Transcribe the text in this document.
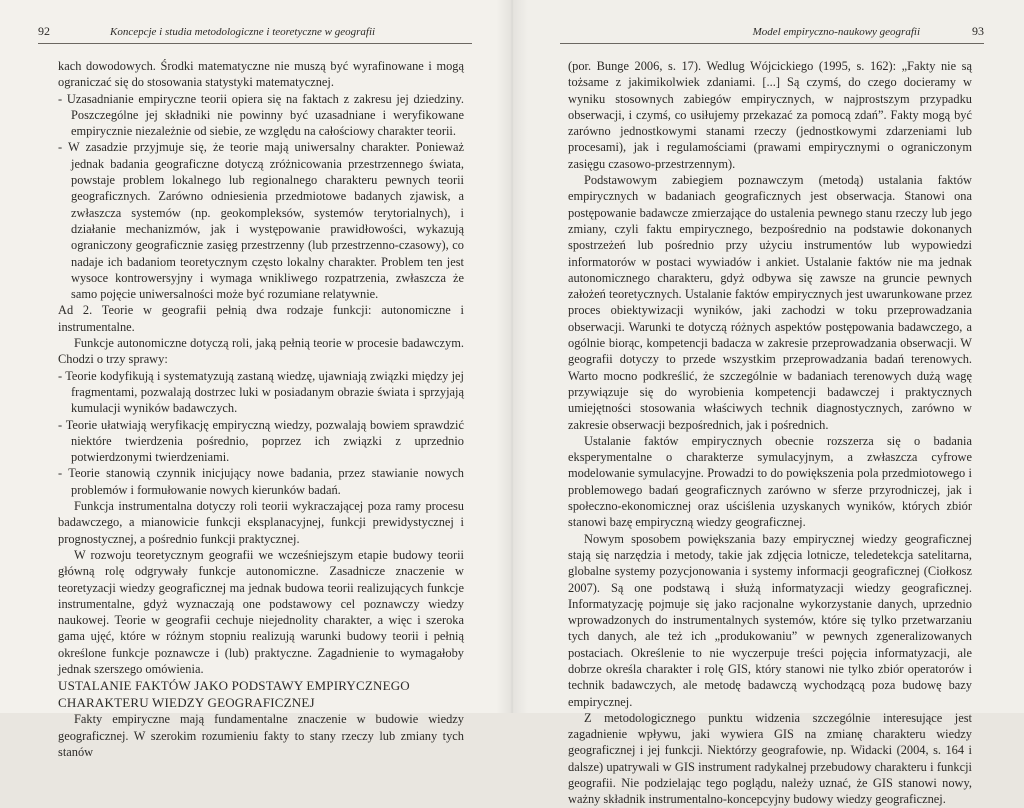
92	Koncepcje i studia metodologiczne i teoretyczne w geografii

kach dowodowych. Środki matematyczne nie muszą być wyrafinowane i mogą ograniczać się do stosowania statystyki matematycznej.

- Uzasadnianie empiryczne teorii opiera się na faktach z zakresu jej dziedziny. Poszczególne jej składniki nie powinny być uzasadniane i weryfikowane empirycznie niezależnie od siebie, ze względu na całościowy charakter teorii.

- W zasadzie przyjmuje się, że teorie mają uniwersalny charakter. Ponieważ jednak badania geograficzne dotyczą zróżnicowania przestrzennego świata, powstaje problem lokalnego lub regionalnego charakteru pewnych teorii geograficznych. Zarówno odniesienia przedmiotowe badanych zjawisk, a zwłaszcza systemów (np. geokompleksów, systemów terytorialnych), i działanie mechanizmów, jak i występowanie prawidłowości, wykazują ograniczony geograficznie zasięg przestrzenny (lub przestrzenno-czasowy), co nadaje ich badaniom teoretycznym często lokalny charakter. Problem ten jest wysoce kontrowersyjny i wymaga wnikliwego rozpatrzenia, zwłaszcza że samo pojęcie uniwersalności może być rozumiane relatywnie.

Ad 2. Teorie w geografii pełnią dwa rodzaje funkcji: autonomiczne i instrumentalne.

Funkcje autonomiczne dotyczą roli, jaką pełnią teorie w procesie badawczym. Chodzi o trzy sprawy:

- Teorie kodyfikują i systematyzują zastaną wiedzę, ujawniają związki między jej fragmentami, pozwalają dostrzec luki w posiadanym obrazie świata i sprzyjają kumulacji wyników badawczych.

- Teorie ułatwiają weryfikację empiryczną wiedzy, pozwalają bowiem sprawdzić niektóre twierdzenia pośrednio, poprzez ich związki z uprzednio potwierdzonymi twierdzeniami.

- Teorie stanowią czynnik inicjujący nowe badania, przez stawianie nowych problemów i formułowanie nowych kierunków badań.

Funkcja instrumentalna dotyczy roli teorii wykraczającej poza ramy procesu badawczego, a mianowicie funkcji eksplanacyjnej, funkcji prewidystycznej i prognostycznej, a pośrednio funkcji praktycznej.

W rozwoju teoretycznym geografii we wcześniejszym etapie budowy teorii główną rolę odgrywały funkcje autonomiczne. Zasadnicze znaczenie w teoretyzacji wiedzy geograficznej ma jednak budowa teorii realizujących funkcje instrumentalne, gdyż wyznaczają one podstawowy cel poznawczy wiedzy naukowej. Teorie w geografii cechuje niejednolity charakter, a więc i szeroka gama ujęć, które w różnym stopniu realizują warunki budowy teorii i pełnią określone funkcje poznawcze i (lub) praktyczne. Zagadnienie to wymagałoby jednak szerszego omówienia.

USTALANIE FAKTÓW JAKO PODSTAWY EMPIRYCZNEGO CHARAKTERU WIEDZY GEOGRAFICZNEJ

Fakty empiryczne mają fundamentalne znaczenie w budowie wiedzy geograficznej. W szerokim rozumieniu fakty to stany rzeczy lub zmiany tych stanów

Model empiryczno-naukowy geografii	93

(por. Bunge 2006, s. 17). Wedlug Wójcickiego (1995, s. 162): „Fakty nie są tożsame z jakimikolwiek zdaniami. [...] Są czymś, do czego docieramy w wyniku stosownych zabiegów empirycznych, w najprostszym przypadku obserwacji, i czymś, co usiłujemy przekazać za pomocą zdań”. Fakty mogą być zarówno jednostkowymi stanami rzeczy (jednostkowymi zdarzeniami lub procesami), jak i regulamościami (prawami empirycznymi o ograniczonym zasięgu czasowo-przestrzennym).

Podstawowym zabiegiem poznawczym (metodą) ustalania faktów empirycznych w badaniach geograficznych jest obserwacja. Stanowi ona postępowanie badawcze zmierzające do ustalenia pewnego stanu rzeczy lub jego zmiany, czyli faktu empirycznego, bezpośrednio na podstawie dokonanych spostrzeżeń lub pośrednio przy użyciu instrumentów lub wypowiedzi informatorów w postaci wywiadów i ankiet. Ustalanie faktów nie ma jednak autonomicznego charakteru, gdyż odbywa się zawsze na gruncie pewnych założeń teoretycznych. Ustalanie faktów empirycznych jest uwarunkowane przez proces obiektywizacji wyników, jaki zachodzi w toku przeprowadzania obserwacji. Warunki te dotyczą różnych aspektów postępowania badawczego, a ogólnie biorąc, kompetencji badacza w zakresie przeprowadzania obserwacji. W geografii dotyczy to przede wszystkim przeprowadzania badań terenowych. Warto mocno podkreślić, że szczególnie w badaniach terenowych dużą wagę przywiązuje się do wyrobienia kompetencji badawczej i praktycznych umiejętności stosowania właściwych technik diagnostycznych, zarówno w zakresie obserwacji bezpośrednich, jak i pośrednich.

Ustalanie faktów empirycznych obecnie rozszerza się o badania eksperymentalne o charakterze symulacyjnym, a zwłaszcza cyfrowe modelowanie symulacyjne. Prowadzi to do powiększenia pola przedmiotowego i problemowego badań geograficznych zarówno w sferze przyrodniczej, jak i społeczno-ekonomicznej oraz uściślenia uzyskanych wyników, których zbiór stanowi bazę empiryczną wiedzy geograficznej.

Nowym sposobem powiększania bazy empirycznej wiedzy geograficznej stają się narzędzia i metody, takie jak zdjęcia lotnicze, teledetekcja satelitarna, globalne systemy pozycjonowania i systemy informacji geograficznej (Ciołkosz 2007). Są one podstawą i służą informatyzacji wiedzy geograficznej. Informatyzację pojmuje się jako racjonalne wykorzystanie danych, uprzednio wprowadzonych do instrumentalnych systemów, które się tylko przetwarzaniu tych danych, ale też ich „produkowaniu” w pewnych zgeneralizowanych postaciach. Określenie to nie wyczerpuje treści pojęcia informatyzacji, ale dobrze określa charakter i rolę GIS, który stanowi nie tylko zbiór operatorów i technik badawczych, ale metodę badawczą wychodzącą poza budowę bazy empirycznej.

Z metodologicznego punktu widzenia szczególnie interesujące jest zagadnienie wpływu, jaki wywiera GIS na zmianę charakteru wiedzy geograficznej i jej funkcji. Niektórzy geografowie, np. Widacki (2004, s. 164 i dalsze) upatrywali w GIS instrument radykalnej przebudowy charakteru i funkcji geografii. Nie podzielając tego poglądu, należy uznać, że GIS stanowi nowy, ważny składnik instrumentalno-koncepcyjny budowy wiedzy geograficznej.
